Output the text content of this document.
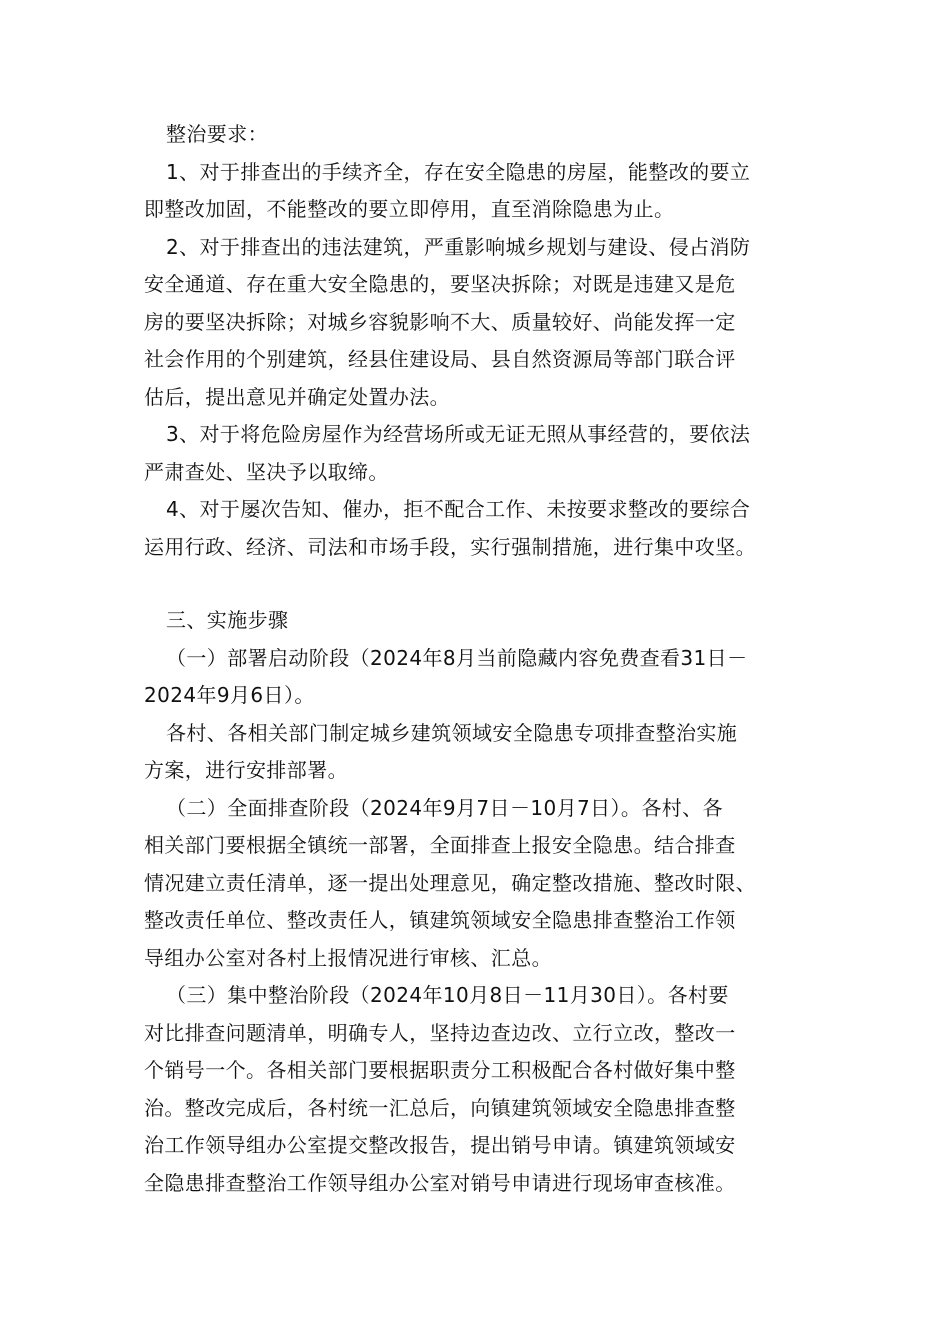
整治要求：
1、对于排查出的手续齐全，存在安全隐患的房屋，能整改的要立
即整改加固，不能整改的要立即停用，直至消除隐患为止。
2、对于排查出的违法建筑，严重影响城乡规划与建设、侵占消防
安全通道、存在重大安全隐患的，要坚决拆除；对既是违建又是危
房的要坚决拆除；对城乡容貌影响不大、质量较好、尚能发挥一定
社会作用的个别建筑，经县住建设局、县自然资源局等部门联合评
估后，提出意见并确定处置办法。
3、对于将危险房屋作为经营场所或无证无照从事经营的，要依法
严肃查处、坚决予以取缔。
4、对于屡次告知、催办，拒不配合工作、未按要求整改的要综合
运用行政、经济、司法和市场手段，实行强制措施，进行集中攻坚。
三、实施步骤
（一）部署启动阶段（2024年8月当前隐藏内容免费查看31日－
2024年9月6日）。
各村、各相关部门制定城乡建筑领域安全隐患专项排查整治实施
方案，进行安排部署。
（二）全面排查阶段（2024年9月7日－10月7日）。各村、各
相关部门要根据全镇统一部署，全面排查上报安全隐患。结合排查
情况建立责任清单，逐一提出处理意见，确定整改措施、整改时限、
整改责任单位、整改责任人，镇建筑领域安全隐患排查整治工作领
导组办公室对各村上报情况进行审核、汇总。
（三）集中整治阶段（2024年10月8日－11月30日）。各村要
对比排查问题清单，明确专人，坚持边查边改、立行立改，整改一
个销号一个。各相关部门要根据职责分工积极配合各村做好集中整
治。整改完成后，各村统一汇总后，向镇建筑领域安全隐患排查整
治工作领导组办公室提交整改报告，提出销号申请。镇建筑领域安
全隐患排查整治工作领导组办公室对销号申请进行现场审查核准。
